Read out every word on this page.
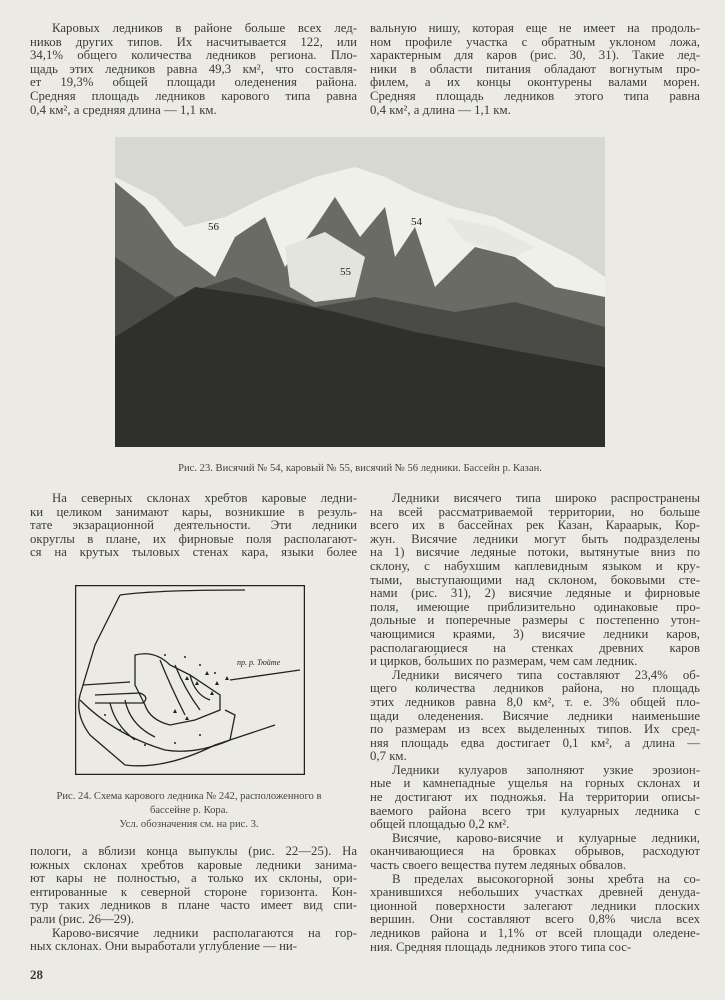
Каровых ледников в районе больше всех лед-
ников других типов. Их насчитывается 122, или
34,1% общего количества ледников региона. Пло-
щадь этих ледников равна 49,3 км², что составля-
ет 19,3% общей площади оледенения района.
Средняя площадь ледников карового типа равна
0,4 км², а средняя длина — 1,1 км.
вальную нишу, которая еще не имеет на продоль-
ном профиле участка с обратным уклоном ложа,
характерным для каров (рис. 30, 31). Такие лед-
ники в области питания обладают вогнутым про-
филем, а их концы оконтурены валами морен.
Средняя площадь ледников этого типа равна
0,4 км², а длина — 1,1 км.
54
55
56
Рис. 23. Висячий № 54, каровый № 55, висячий № 56 ледники. Бассейн р. Казан.
На северных склонах хребтов каровые ледни-
ки целиком занимают кары, возникшие в резуль-
тате экзарационной деятельности. Эти ледники
округлы в плане, их фирновые поля располагают-
ся на крутых тыловых стенах кара, языки более
пр. р. Тюйте
Рис. 24. Схема карового ледника № 242, расположенного в
бассейне р. Кора.
Усл. обозначения см. на рис. 3.
пологи, а вблизи конца выпуклы (рис. 22—25). На
южных склонах хребтов каровые ледники занима-
ют кары не полностью, а только их склоны, ори-
ентированные к северной стороне горизонта. Кон-
тур таких ледников в плане часто имеет вид спи-
рали (рис. 26—29).
Карово-висячие ледники располагаются на гор-
ных склонах. Они выработали углубление — ни-
Ледники висячего типа широко распространены
на всей рассматриваемой территории, но больше
всего их в бассейнах рек Казан, Караарык, Кор-
жун. Висячие ледники могут быть подразделены
на 1) висячие ледяные потоки, вытянутые вниз по
склону, с набухшим каплевидным языком и кру-
тыми, выступающими над склоном, боковыми сте-
нами (рис. 31), 2) висячие ледяные и фирновые
поля, имеющие приблизительно одинаковые про-
дольные и поперечные размеры с постепенно утон-
чающимися краями, 3) висячие ледники каров,
располагающиеся на стенках древних каров
и цирков, бо́льших по размерам, чем сам ледник.
Ледники висячего типа составляют 23,4% об-
щего количества ледников района, но площадь
этих ледников равна 8,0 км², т. е. 3% общей пло-
щади оледенения. Висячие ледники наименьшие
по размерам из всех выделенных типов. Их сред-
няя площадь едва достигает 0,1 км², а длина —
0,7 км.
Ледники кулуаров заполняют узкие эрозион-
ные и камнепадные ущелья на горных склонах и
не достигают их подножья. На территории описы-
ваемого района всего три кулуарных ледника с
общей площадью 0,2 км².
Висячие, карово-висячие и кулуарные ледники,
оканчивающиеся на бровках обрывов, расходуют
часть своего вещества путем ледяных обвалов.
В пределах высокогорной зоны хребта на со-
хранившихся небольших участках древней денуда-
ционной поверхности залегают ледники плоских
вершин. Они составляют всего 0,8% числа всех
ледников района и 1,1% от всей площади оледене-
ния. Средняя площадь ледников этого типа сос-
28
